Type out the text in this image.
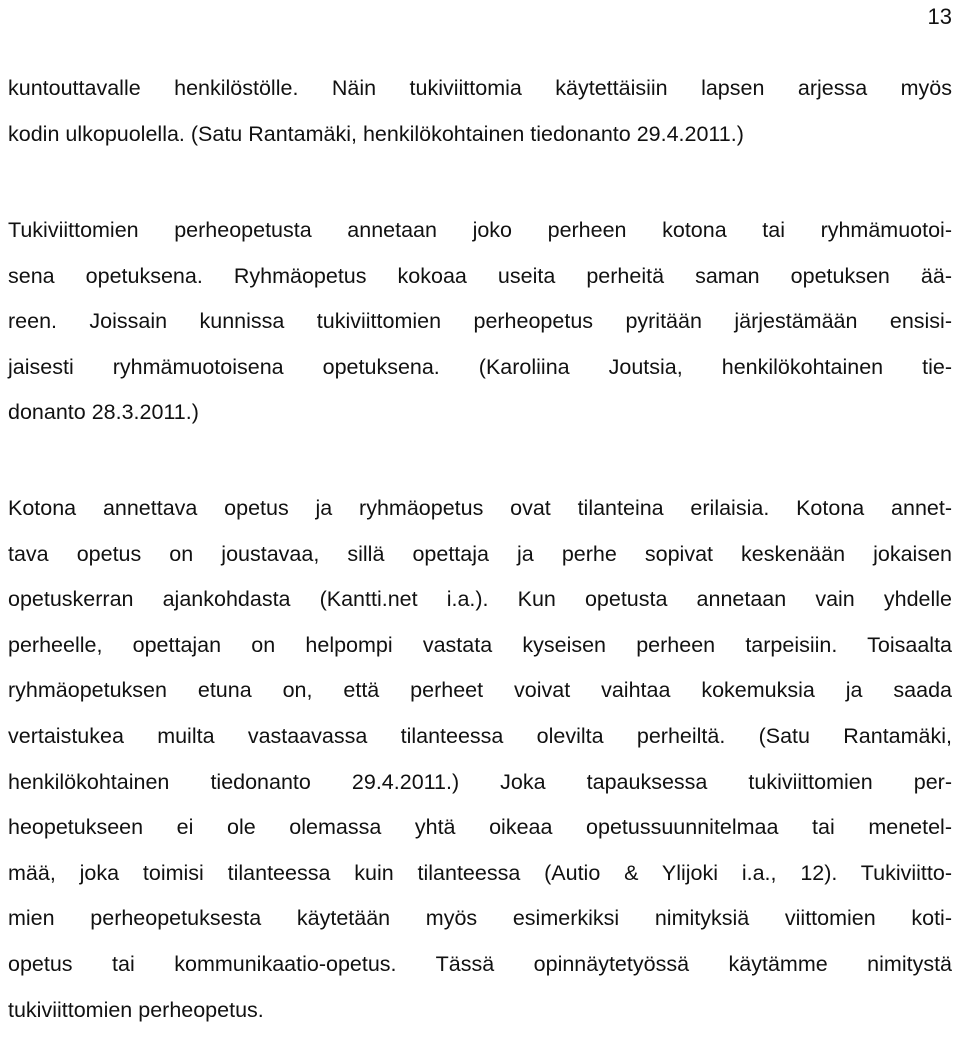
13
kuntouttavalle henkilöstölle. Näin tukiviittomia käytettäisiin lapsen arjessa myös
kodin ulkopuolella. (Satu Rantamäki, henkilökohtainen tiedonanto 29.4.2011.)
Tukiviittomien perheopetusta annetaan joko perheen kotona tai ryhmämuotoi-
sena opetuksena. Ryhmäopetus kokoaa useita perheitä saman opetuksen ää-
reen. Joissain kunnissa tukiviittomien perheopetus pyritään järjestämään ensisi-
jaisesti ryhmämuotoisena opetuksena. (Karoliina Joutsia, henkilökohtainen tie-
donanto 28.3.2011.)
Kotona annettava opetus ja ryhmäopetus ovat tilanteina erilaisia. Kotona annet-
tava opetus on joustavaa, sillä opettaja ja perhe sopivat keskenään jokaisen
opetuskerran ajankohdasta (Kantti.net i.a.). Kun opetusta annetaan vain yhdelle
perheelle, opettajan on helpompi vastata kyseisen perheen tarpeisiin. Toisaalta
ryhmäopetuksen etuna on, että perheet voivat vaihtaa kokemuksia ja saada
vertaistukea muilta vastaavassa tilanteessa olevilta perheiltä. (Satu Rantamäki,
henkilökohtainen tiedonanto 29.4.2011.) Joka tapauksessa tukiviittomien per-
heopetukseen ei ole olemassa yhtä oikeaa opetussuunnitelmaa tai menetel-
mää, joka toimisi tilanteessa kuin tilanteessa (Autio & Ylijoki i.a., 12). Tukiviitto-
mien perheopetuksesta käytetään myös esimerkiksi nimityksiä viittomien koti-
opetus tai kommunikaatio-opetus. Tässä opinnäytetyössä käytämme nimitystä
tukiviittomien perheopetus.
